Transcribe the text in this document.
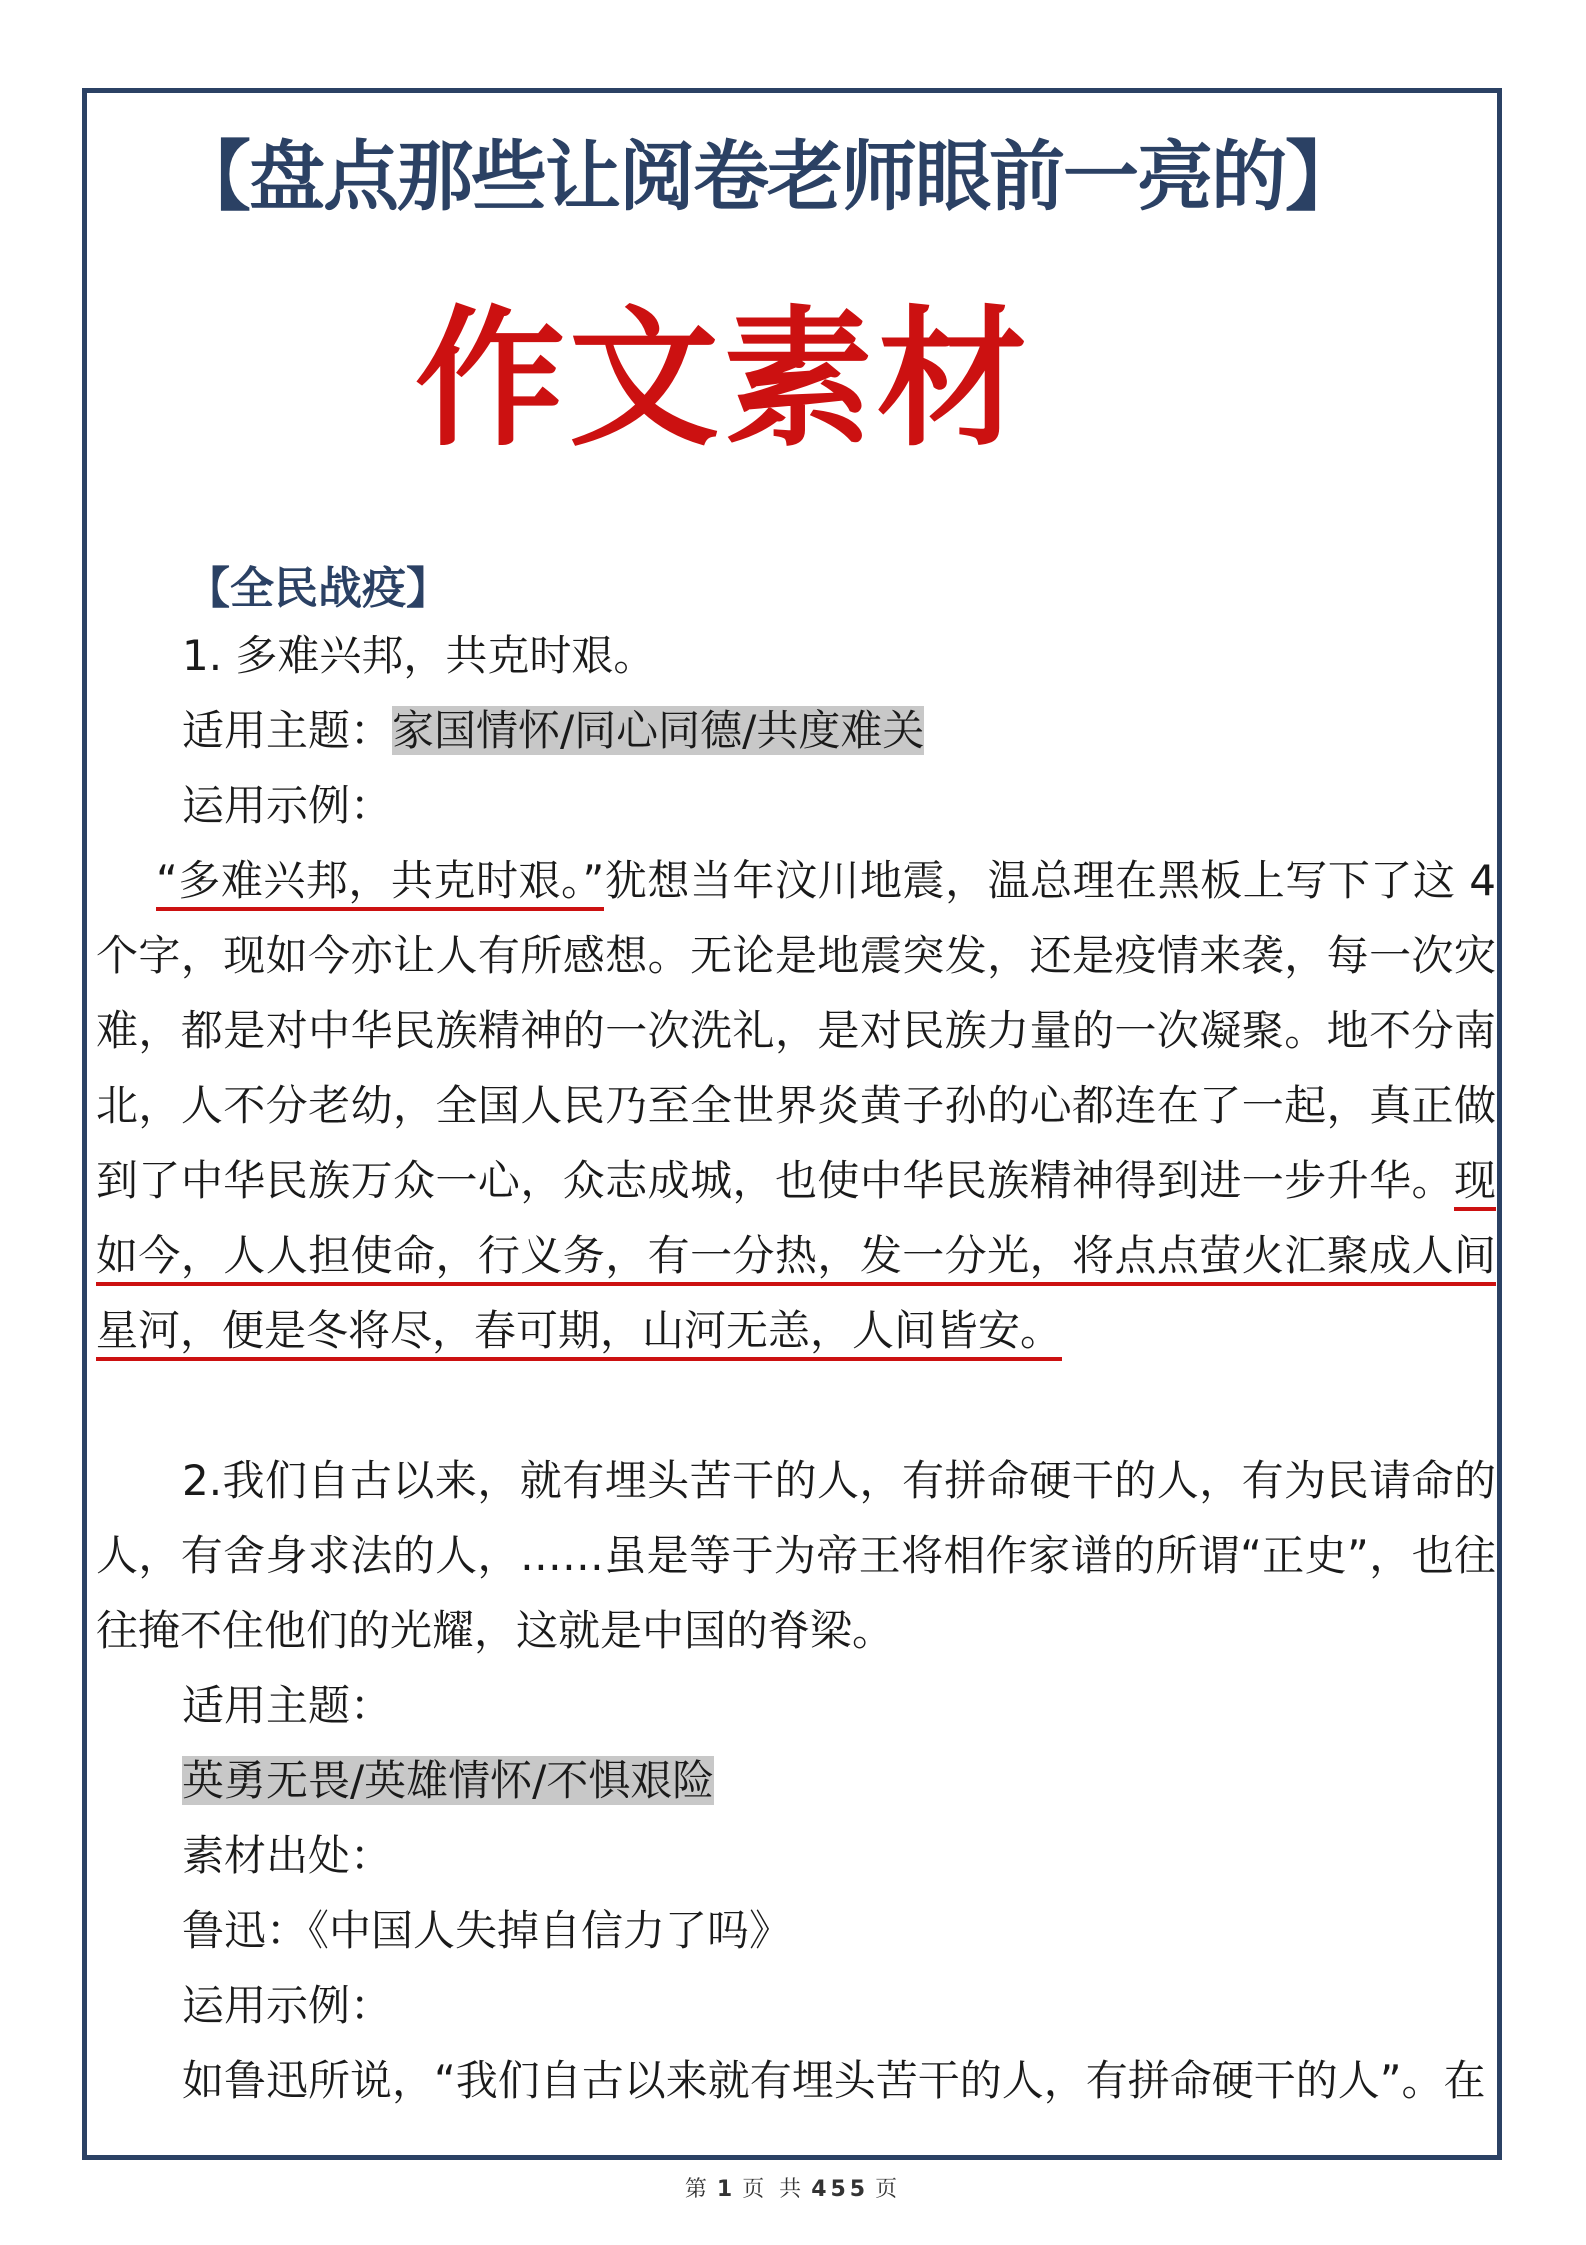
【盘点那些让阅卷老师眼前一亮的】
作文素材
【全民战疫】
1. 多难兴邦，共克时艰。
适用主题：家国情怀/同心同德/共度难关
运用示例：
“多难兴邦，共克时艰。”犹想当年汶川地震，温总理在黑板上写下了这 4 个字，现如今亦让人有所感想。无论是地震突发，还是疫情来袭，每一次灾难，都是对中华民族精神的一次洗礼，是对民族力量的一次凝聚。地不分南北，人不分老幼，全国人民乃至全世界炎黄子孙的心都连在了一起，真正做到了中华民族万众一心，众志成城，也使中华民族精神得到进一步升华。现如今，人人担使命，行义务，有一分热，发一分光，将点点萤火汇聚成人间星河，便是冬将尽，春可期，山河无恙，人间皆安。
2.我们自古以来，就有埋头苦干的人，有拼命硬干的人，有为民请命的人，有舍身求法的人，……虽是等于为帝王将相作家谱的所谓“正史”，也往往掩不住他们的光耀，这就是中国的脊梁。
适用主题：
英勇无畏/英雄情怀/不惧艰险
素材出处：
鲁迅：《中国人失掉自信力了吗》
运用示例：
如鲁迅所说，“我们自古以来就有埋头苦干的人，有拼命硬干的人”。在
第 1 页 共 455 页
